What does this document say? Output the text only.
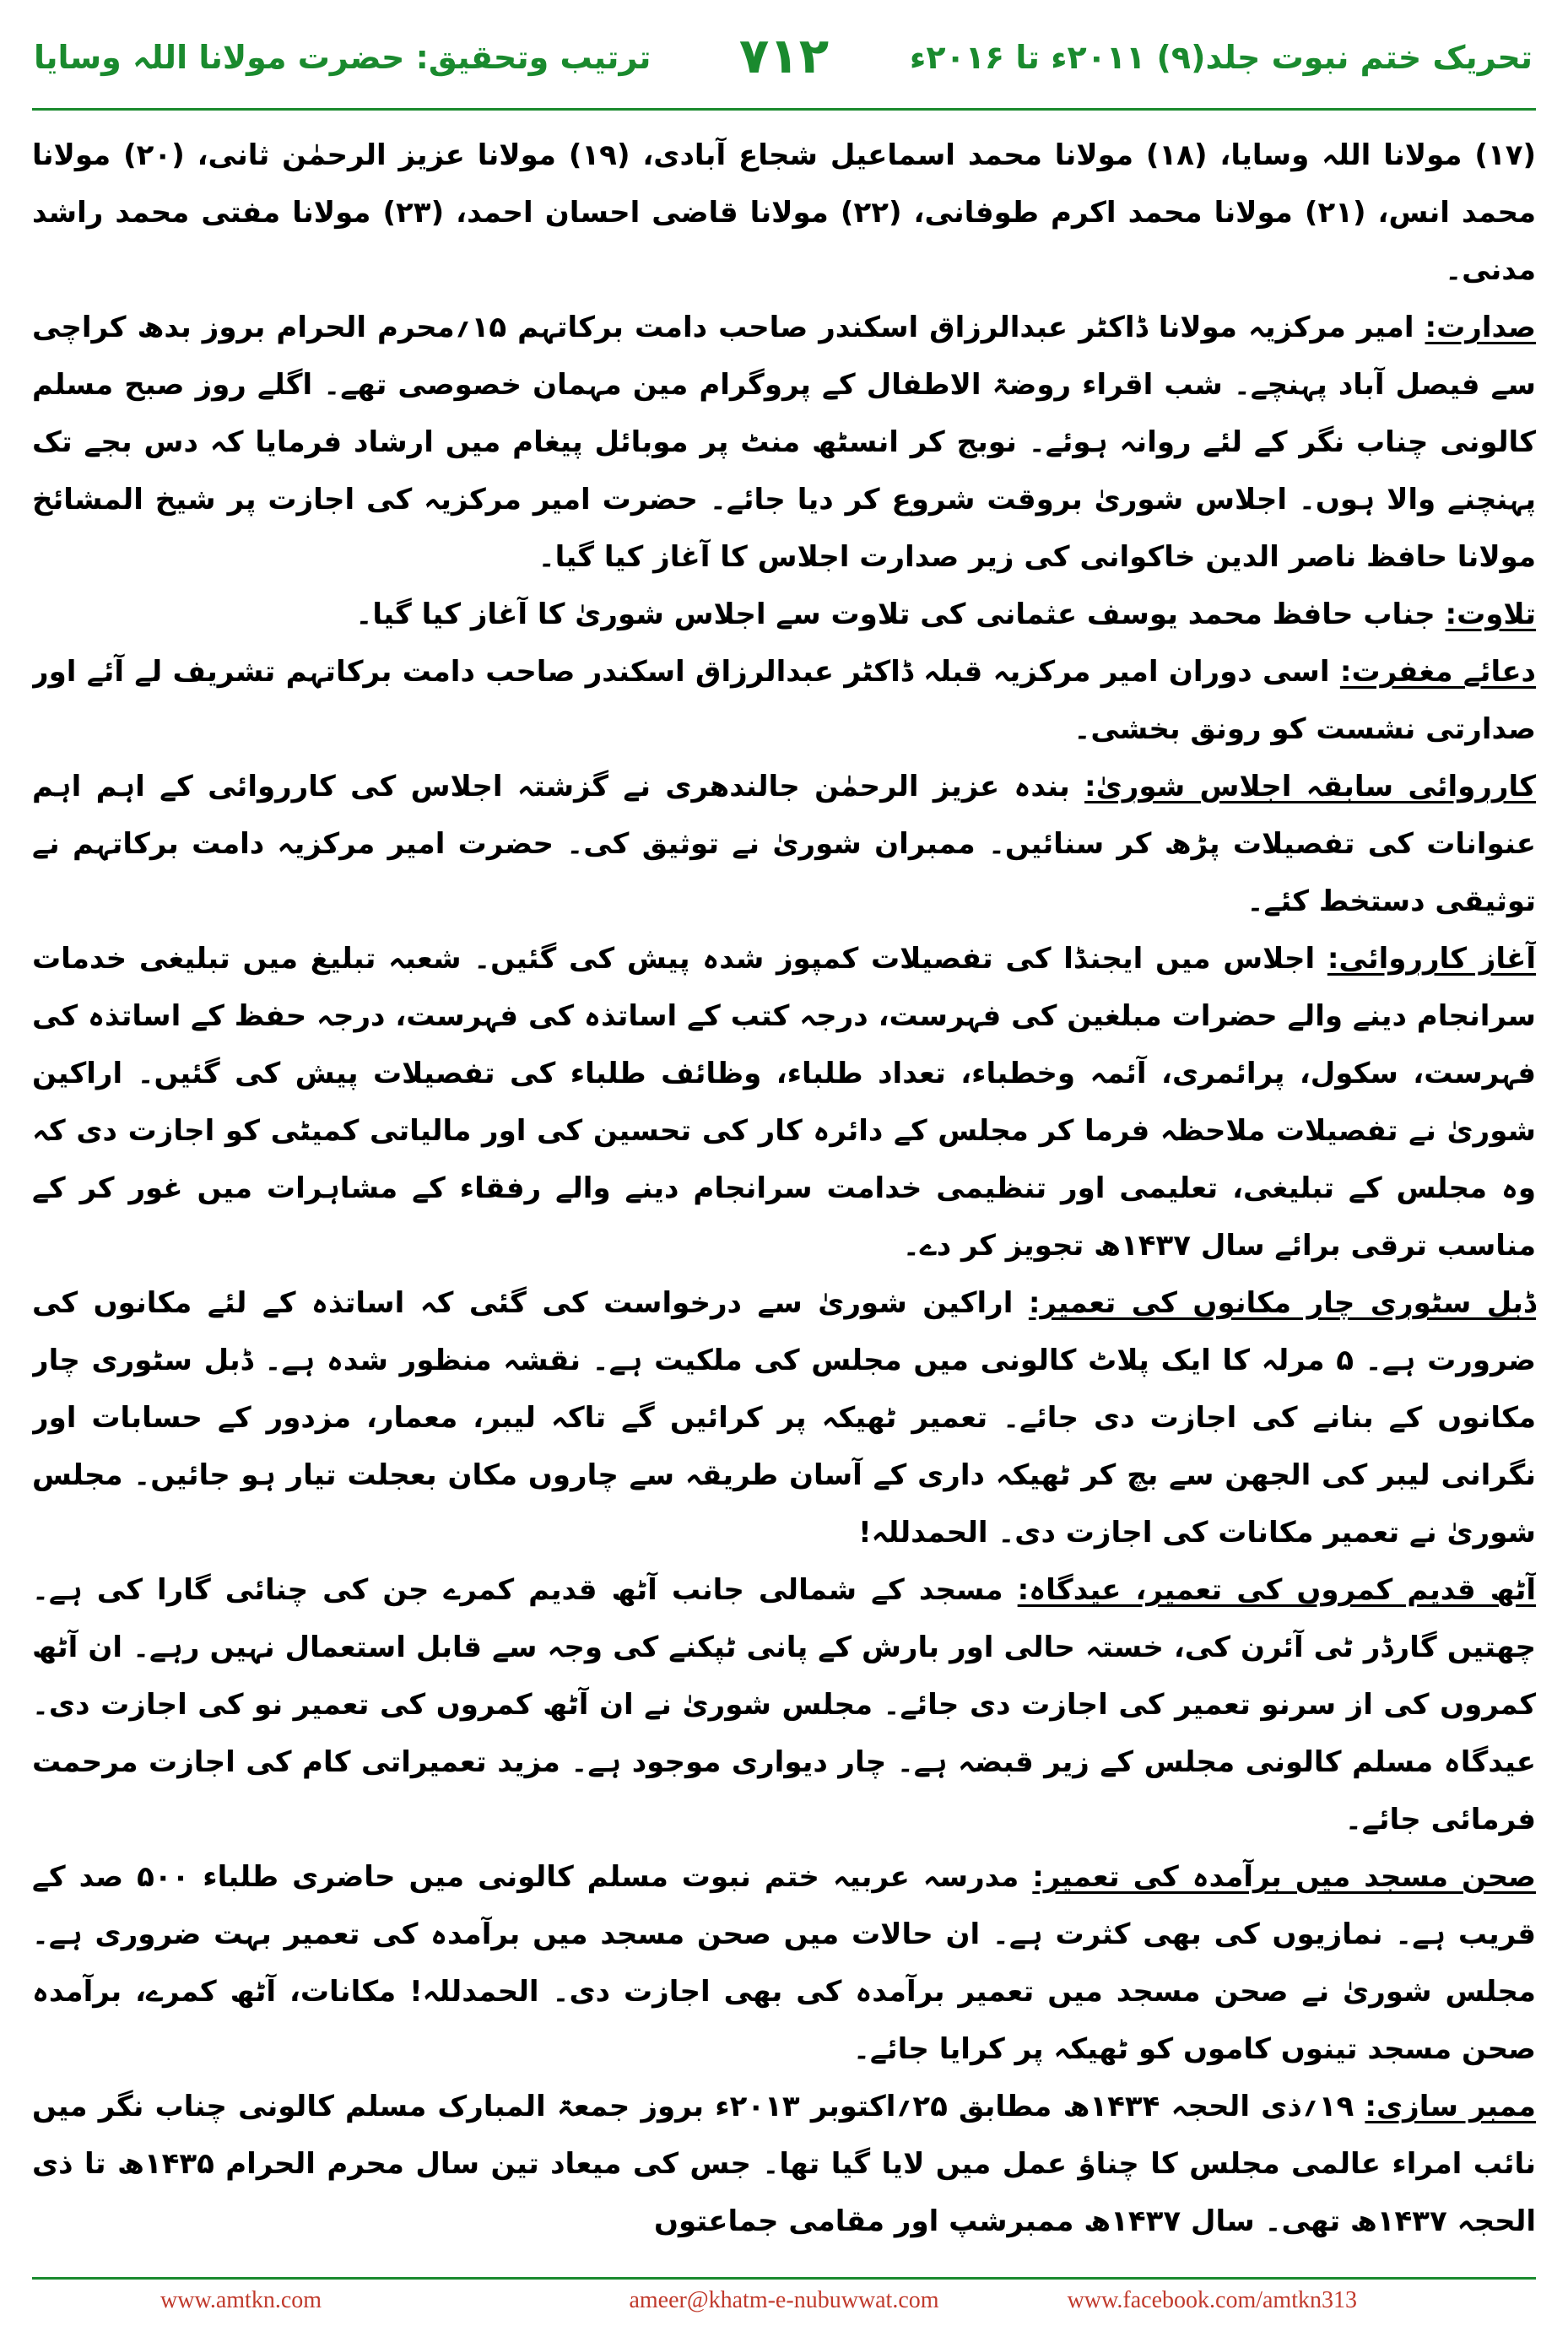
تحریک ختم نبوت جلد(۹) ۲۰۱۱ء تا ۲۰۱۶ء
۷۱۲
ترتیب وتحقیق: حضرت مولانا اللہ وسایا

(۱۷) مولانا اللہ وسایا، (۱۸) مولانا محمد اسماعیل شجاع آبادی، (۱۹) مولانا عزیز الرحمٰن ثانی، (۲۰) مولانا محمد انس، (۲۱) مولانا محمد اکرم طوفانی، (۲۲) مولانا قاضی احسان احمد، (۲۳) مولانا مفتی محمد راشد مدنی۔

صدارت: امیر مرکزیہ مولانا ڈاکٹر عبدالرزاق اسکندر صاحب دامت برکاتہم ۱۵؍محرم الحرام بروز بدھ کراچی سے فیصل آباد پہنچے۔ شب اقراء روضۃ الاطفال کے پروگرام مین مہمان خصوصی تھے۔ اگلے روز صبح مسلم کالونی چناب نگر کے لئے روانہ ہوئے۔ نوبج کر انسٹھ منٹ پر موبائل پیغام میں ارشاد فرمایا کہ دس بجے تک پہنچنے والا ہوں۔ اجلاس شوریٰ بروقت شروع کر دیا جائے۔ حضرت امیر مرکزیہ کی اجازت پر شیخ المشائخ مولانا حافظ ناصر الدین خاکوانی کی زیر صدارت اجلاس کا آغاز کیا گیا۔

تلاوت: جناب حافظ محمد یوسف عثمانی کی تلاوت سے اجلاس شوریٰ کا آغاز کیا گیا۔

دعائے مغفرت: اسی دوران امیر مرکزیہ قبلہ ڈاکٹر عبدالرزاق اسکندر صاحب دامت برکاتہم تشریف لے آئے اور صدارتی نشست کو رونق بخشی۔

کارروائی سابقہ اجلاس شوریٰ: بندہ عزیز الرحمٰن جالندھری نے گزشتہ اجلاس کی کارروائی کے اہم اہم عنوانات کی تفصیلات پڑھ کر سنائیں۔ ممبران شوریٰ نے توثیق کی۔ حضرت امیر مرکزیہ دامت برکاتہم نے توثیقی دستخط کئے۔

آغاز کارروائی: اجلاس میں ایجنڈا کی تفصیلات کمپوز شدہ پیش کی گئیں۔ شعبہ تبلیغ میں تبلیغی خدمات سرانجام دینے والے حضرات مبلغین کی فہرست، درجہ کتب کے اساتذہ کی فہرست، درجہ حفظ کے اساتذہ کی فہرست، سکول، پرائمری، آئمہ وخطباء، تعداد طلباء، وظائف طلباء کی تفصیلات پیش کی گئیں۔ اراکین شوریٰ نے تفصیلات ملاحظہ فرما کر مجلس کے دائرہ کار کی تحسین کی اور مالیاتی کمیٹی کو اجازت دی کہ وہ مجلس کے تبلیغی، تعلیمی اور تنظیمی خدامت سرانجام دینے والے رفقاء کے مشاہرات میں غور کر کے مناسب ترقی برائے سال ۱۴۳۷ھ تجویز کر دے۔

ڈبل سٹوری چار مکانوں کی تعمیر: اراکین شوریٰ سے درخواست کی گئی کہ اساتذہ کے لئے مکانوں کی ضرورت ہے۔ ۵ مرلہ کا ایک پلاٹ کالونی میں مجلس کی ملکیت ہے۔ نقشہ منظور شدہ ہے۔ ڈبل سٹوری چار مکانوں کے بنانے کی اجازت دی جائے۔ تعمیر ٹھیکہ پر کرائیں گے تاکہ لیبر، معمار، مزدور کے حسابات اور نگرانی لیبر کی الجھن سے بچ کر ٹھیکہ داری کے آسان طریقہ سے چاروں مکان بعجلت تیار ہو جائیں۔ مجلس شوریٰ نے تعمیر مکانات کی اجازت دی۔ الحمدللہ!

آٹھ قدیم کمروں کی تعمیر، عیدگاہ: مسجد کے شمالی جانب آٹھ قدیم کمرے جن کی چنائی گارا کی ہے۔ چھتیں گارڈر ٹی آئرن کی، خستہ حالی اور بارش کے پانی ٹپکنے کی وجہ سے قابل استعمال نہیں رہے۔ ان آٹھ کمروں کی از سرنو تعمیر کی اجازت دی جائے۔ مجلس شوریٰ نے ان آٹھ کمروں کی تعمیر نو کی اجازت دی۔ عیدگاہ مسلم کالونی مجلس کے زیر قبضہ ہے۔ چار دیواری موجود ہے۔ مزید تعمیراتی کام کی اجازت مرحمت فرمائی جائے۔

صحن مسجد میں برآمدہ کی تعمیر: مدرسہ عربیہ ختم نبوت مسلم کالونی میں حاضری طلباء ۵۰۰ صد کے قریب ہے۔ نمازیوں کی بھی کثرت ہے۔ ان حالات میں صحن مسجد میں برآمدہ کی تعمیر بہت ضروری ہے۔ مجلس شوریٰ نے صحن مسجد میں تعمیر برآمدہ کی بھی اجازت دی۔ الحمدللہ! مکانات، آٹھ کمرے، برآمدہ صحن مسجد تینوں کاموں کو ٹھیکہ پر کرایا جائے۔

ممبر سازی: ۱۹؍ذی الحجہ ۱۴۳۴ھ مطابق ۲۵؍اکتوبر ۲۰۱۳ء بروز جمعۃ المبارک مسلم کالونی چناب نگر میں نائب امراء عالمی مجلس کا چناؤ عمل میں لایا گیا تھا۔ جس کی میعاد تین سال محرم الحرام ۱۴۳۵ھ تا ذی الحجہ ۱۴۳۷ھ تھی۔ سال ۱۴۳۷ھ ممبرشپ اور مقامی جماعتوں

www.amtkn.com	ameer@khatm-e-nubuwwat.com	www.facebook.com/amtkn313
